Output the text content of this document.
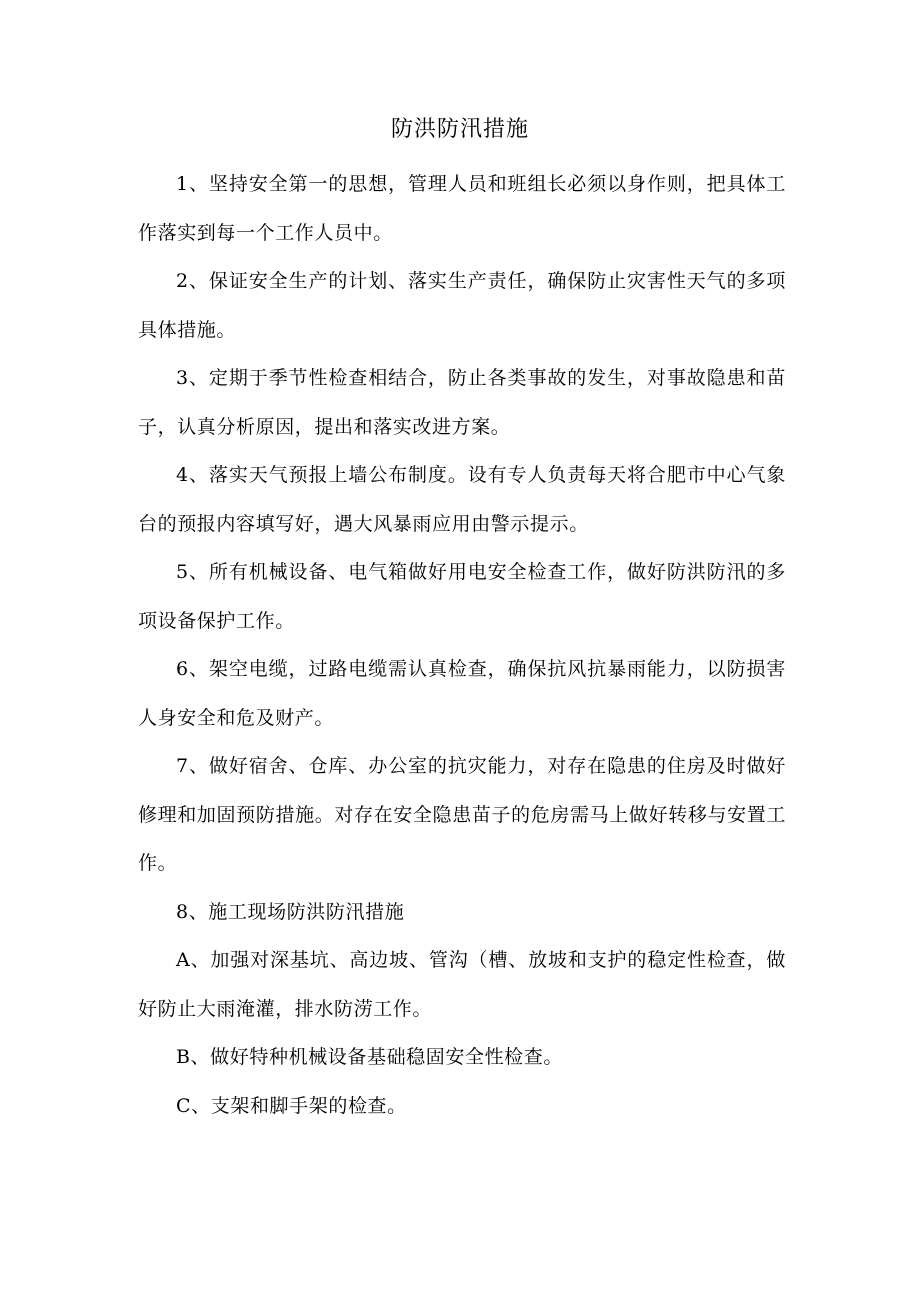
防洪防汛措施

1、坚持安全第一的思想，管理人员和班组长必须以身作则，把具体工作落实到每一个工作人员中。

2、保证安全生产的计划、落实生产责任，确保防止灾害性天气的多项具体措施。

3、定期于季节性检查相结合，防止各类事故的发生，对事故隐患和苗子，认真分析原因，提出和落实改进方案。

4、落实天气预报上墙公布制度。设有专人负责每天将合肥市中心气象台的预报内容填写好，遇大风暴雨应用由警示提示。

5、所有机械设备、电气箱做好用电安全检查工作，做好防洪防汛的多项设备保护工作。

6、架空电缆，过路电缆需认真检查，确保抗风抗暴雨能力，以防损害人身安全和危及财产。

7、做好宿舍、仓库、办公室的抗灾能力，对存在隐患的住房及时做好修理和加固预防措施。对存在安全隐患苗子的危房需马上做好转移与安置工作。

8、施工现场防洪防汛措施

A、加强对深基坑、高边坡、管沟（槽、放坡和支护的稳定性检查，做好防止大雨淹灌，排水防涝工作。

B、做好特种机械设备基础稳固安全性检查。

C、支架和脚手架的检查。
